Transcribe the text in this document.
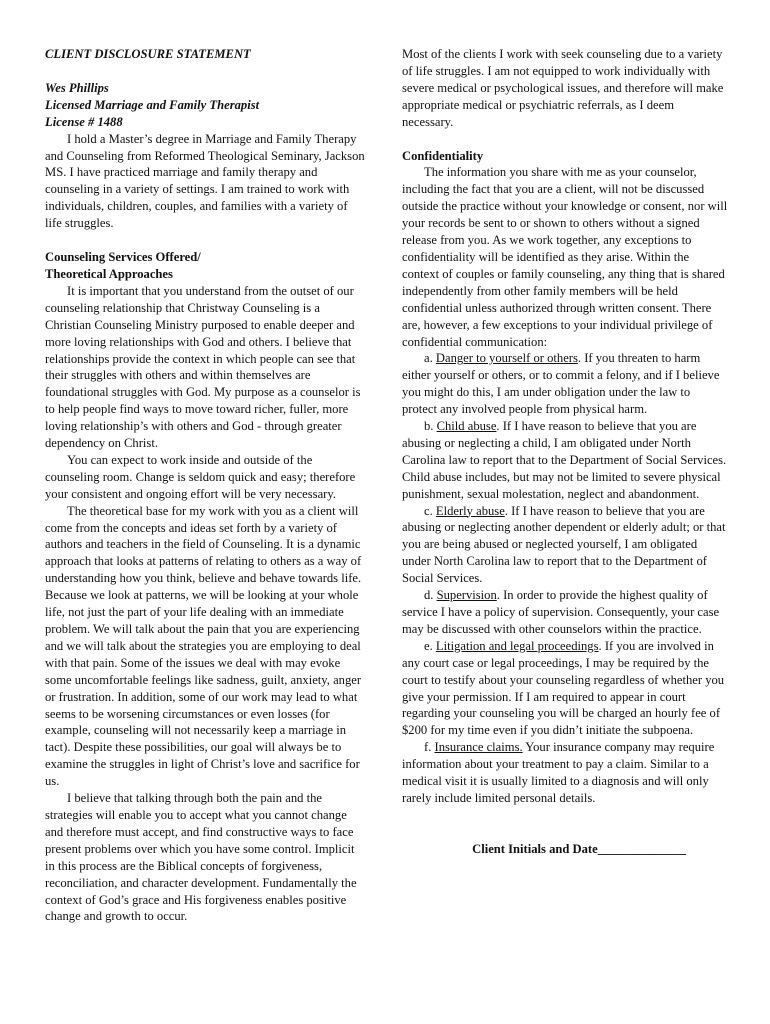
CLIENT DISCLOSURE STATEMENT

Wes Phillips

Licensed Marriage and Family Therapist

License # 1488

I hold a Master’s degree in Marriage and Family Therapy and Counseling from Reformed Theological Seminary, Jackson MS. I have practiced marriage and family therapy and counseling in a variety of settings. I am trained to work with individuals, children, couples, and families with a variety of life struggles.

Counseling Services Offered/

Theoretical Approaches

It is important that you understand from the outset of our counseling relationship that Christway Counseling is a Christian Counseling Ministry purposed to enable deeper and more loving relationships with God and others. I believe that relationships provide the context in which people can see that their struggles with others and within themselves are foundational struggles with God. My purpose as a counselor is to help people find ways to move toward richer, fuller, more loving relationship’s with others and God - through greater dependency on Christ.

You can expect to work inside and outside of the counseling room. Change is seldom quick and easy; therefore your consistent and ongoing effort will be very necessary.

The theoretical base for my work with you as a client will come from the concepts and ideas set forth by a variety of authors and teachers in the field of Counseling. It is a dynamic approach that looks at patterns of relating to others as a way of understanding how you think, believe and behave towards life. Because we look at patterns, we will be looking at your whole life, not just the part of your life dealing with an immediate problem. We will talk about the pain that you are experiencing and we will talk about the strategies you are employing to deal with that pain. Some of the issues we deal with may evoke some uncomfortable feelings like sadness, guilt, anxiety, anger or frustration. In addition, some of our work may lead to what seems to be worsening circumstances or even losses (for example, counseling will not necessarily keep a marriage in tact). Despite these possibilities, our goal will always be to examine the struggles in light of Christ’s love and sacrifice for us.

I believe that talking through both the pain and the strategies will enable you to accept what you cannot change and therefore must accept, and find constructive ways to face present problems over which you have some control. Implicit in this process are the Biblical concepts of forgiveness, reconciliation, and character development. Fundamentally the context of God’s grace and His forgiveness enables positive change and growth to occur.

Most of the clients I work with seek counseling due to a variety of life struggles. I am not equipped to work individually with severe medical or psychological issues, and therefore will make appropriate medical or psychiatric referrals, as I deem necessary.

Confidentiality

The information you share with me as your counselor, including the fact that you are a client, will not be discussed outside the practice without your knowledge or consent, nor will your records be sent to or shown to others without a signed release from you. As we work together, any exceptions to confidentiality will be identified as they arise. Within the context of couples or family counseling, any thing that is shared independently from other family members will be held confidential unless authorized through written consent. There are, however, a few exceptions to your individual privilege of confidential communication:

a. Danger to yourself or others. If you threaten to harm either yourself or others, or to commit a felony, and if I believe you might do this, I am under obligation under the law to protect any involved people from physical harm.

b. Child abuse. If I have reason to believe that you are abusing or neglecting a child, I am obligated under North Carolina law to report that to the Department of Social Services. Child abuse includes, but may not be limited to severe physical punishment, sexual molestation, neglect and abandonment.

c. Elderly abuse. If I have reason to believe that you are abusing or neglecting another dependent or elderly adult; or that you are being abused or neglected yourself, I am obligated under North Carolina law to report that to the Department of Social Services.

d. Supervision. In order to provide the highest quality of service I have a policy of supervision. Consequently, your case may be discussed with other counselors within the practice.

e. Litigation and legal proceedings. If you are involved in any court case or legal proceedings, I may be required by the court to testify about your counseling regardless of whether you give your permission. If I am required to appear in court regarding your counseling you will be charged an hourly fee of $200 for my time even if you didn’t initiate the subpoena.

f. Insurance claims. Your insurance company may require information about your treatment to pay a claim. Similar to a medical visit it is usually limited to a diagnosis and will only rarely include limited personal details.

Client Initials and Date______________
